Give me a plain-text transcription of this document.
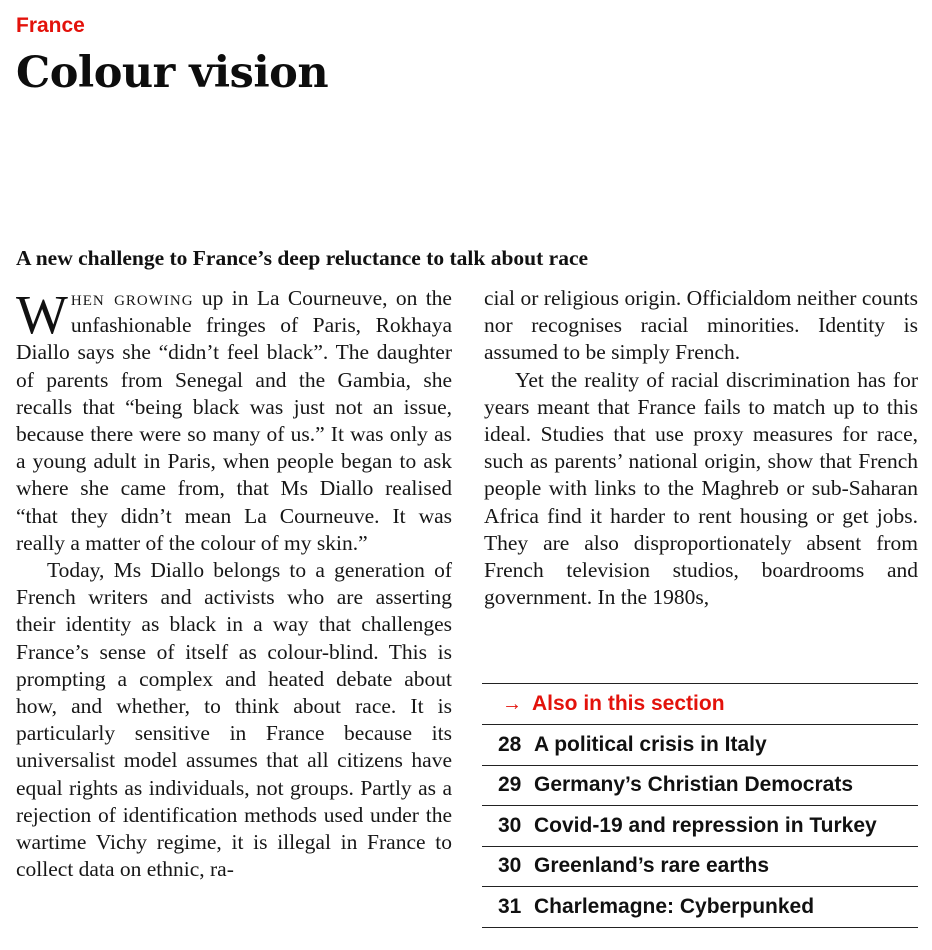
France
Colour vision
A new challenge to France’s deep reluctance to talk about race

When growing up in La Courneuve, on the unfashionable fringes of Paris, Rokhaya Diallo says she “didn’t feel black”. The daughter of parents from Senegal and the Gambia, she recalls that “being black was just not an issue, because there were so many of us.” It was only as a young adult in Paris, when people began to ask where she came from, that Ms Diallo realised “that they didn’t mean La Courneuve. It was really a matter of the colour of my skin.”

Today, Ms Diallo belongs to a generation of French writers and activists who are asserting their identity as black in a way that challenges France’s sense of itself as colour-blind. This is prompting a complex and heated debate about how, and whether, to think about race. It is particularly sensitive in France because its universalist model assumes that all citizens have equal rights as individuals, not groups. Partly as a rejection of identification methods used under the wartime Vichy regime, it is illegal in France to collect data on ethnic, ra-

cial or religious origin. Officialdom neither counts nor recognises racial minorities. Identity is assumed to be simply French.

Yet the reality of racial discrimination has for years meant that France fails to match up to this ideal. Studies that use proxy measures for race, such as parents’ national origin, show that French people with links to the Maghreb or sub-Saharan Africa find it harder to rent housing or get jobs. They are also disproportionately absent from French television studios, boardrooms and government. In the 1980s,

→ Also in this section
28 A political crisis in Italy
29 Germany’s Christian Democrats
30 Covid-19 and repression in Turkey
30 Greenland’s rare earths
31 Charlemagne: Cyberpunked
